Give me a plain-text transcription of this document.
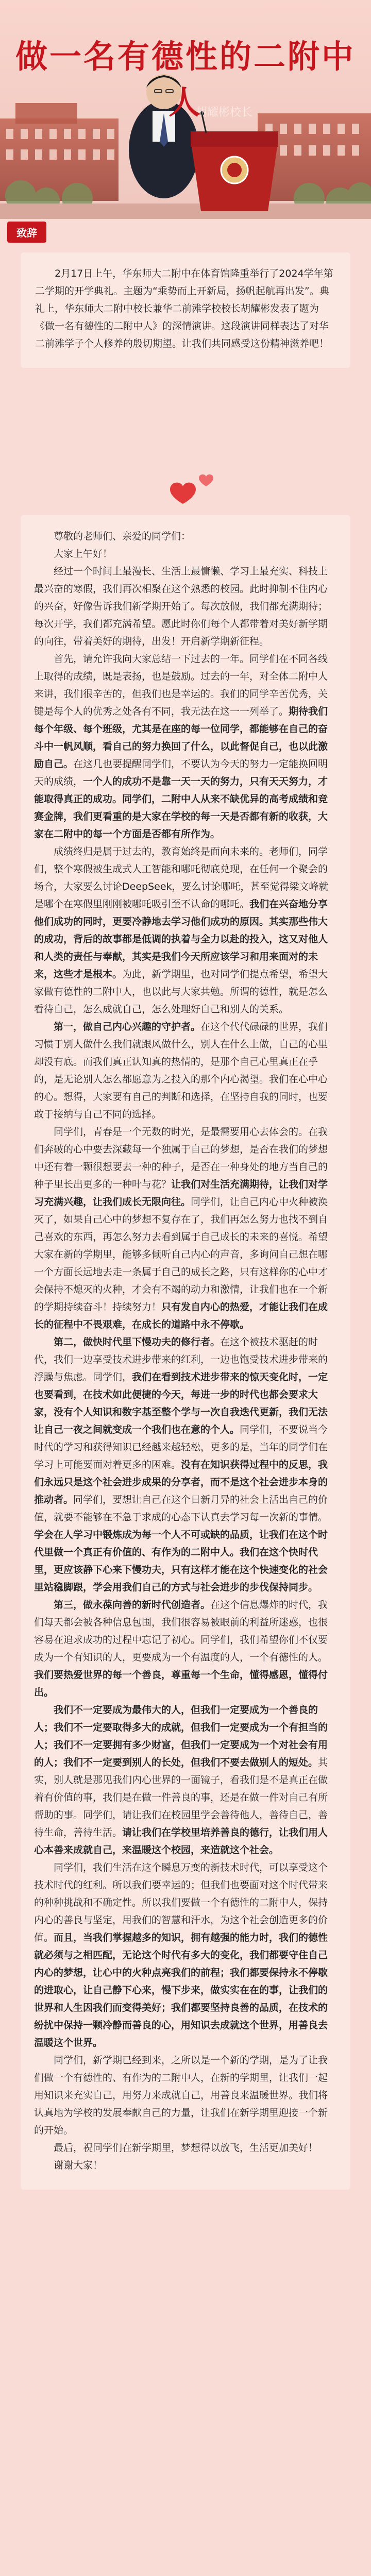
胡耀彬校长
做一名有德性的二附中人
致辞
2月17日上午，华东师大二附中在体育馆隆重举行了2024学年第二学期的开学典礼。主题为“乘势而上开新局，扬帆起航再出发”。典礼上，华东师大二附中校长兼华二前滩学校校长胡耀彬发表了题为《做一名有德性的二附中人》的深情演讲。这段演讲同样表达了对华二前滩学子个人修养的殷切期望。让我们共同感受这份精神滋养吧！

尊敬的老师们、亲爱的同学们：

大家上午好！

经过一个时间上最漫长、生活上最慵懒、学习上最充实、科技上最兴奋的寒假，我们再次相聚在这个熟悉的校园。此时抑制不住内心的兴奋，好像告诉我们新学期开始了。每次放假，我们都充满期待；每次开学，我们都充满希望。愿此时你们每个人都带着对美好新学期的向往，带着美好的期待，出发！开启新学期新征程。

首先，请允许我向大家总结一下过去的一年。同学们在不同各线上取得的成绩，既是表扬，也是鼓励。过去的一年，对全体二附中人来讲，我们很辛苦的，但我们也是幸运的。我们的同学辛苦优秀，关键是每个人的优秀之处各有不同，我无法在这一一列举了。期待我们每个年级、每个班级，尤其是在座的每一位同学，都能够在自己的奋斗中一帆风顺，看自己的努力换回了什么，以此督促自己，也以此激励自己。在这几也要提醒同学们，不要认为今天的努力一定能换回明天的成绩，一个人的成功不是靠一天一天的努力，只有天天努力，才能取得真正的成功。同学们，二附中人从来不缺优异的高考成绩和竞赛金牌，我们更看重的是大家在学校的每一天是否都有新的收获，大家在二附中的每一个方面是否都有所作为。

成绩终归是属于过去的，教育始终是面向未来的。老师们，同学们，整个寒假被生成式人工智能和哪吒彻底兑现，在任何一个聚会的场合，大家要么讨论DeepSeek，要么讨论哪吒，甚至觉得梁文峰就是哪个在寒假里刚刚被哪吒吸引至不认命的哪吒。我们在兴奋地分享他们成功的同时，更要冷静地去学习他们成功的原因。其实那些伟大的成功，背后的故事都是低调的执着与全力以赴的投入，这又对他人和人类的责任与奉献，其实是我们今天所应该学习和用来面对的未来，这些才是根本。为此，新学期里，也对同学们提点希望，希望大家做有德性的二附中人，也以此与大家共勉。所谓的德性，就是怎么看待自己，怎么成就自己，怎么处理好自己和别人的关系。

第一，做自己内心兴趣的守护者。在这个代代碌碌的世界，我们习惯于别人做什么我们就跟风做什么，别人在什么上做，自己的心里却没有底。而我们真正认知真的热情的，是那个自己心里真正在乎的，是无论别人怎么都愿意为之投入的那个内心渴望。我们在心中心的心。想得，大家要有自己的判断和选择，在坚持自我的同时，也要敢于接纳与自己不同的选择。

同学们，青春是一个无数的时光，是最需要用心去体会的。在我们奔破的心中要去深藏每一个独属于自己的梦想，是否在我们的梦想中还有着一颗很想要去一种的种子，是否在一种身处的地方当自己的种子里长出更多的一种叶与花？让我们对生活充满期待，让我们对学习充满兴趣，让我们成长无限向往。同学们，让自己内心中火种被涣灭了，如果自己心中的梦想不复存在了，我们再怎么努力也找不到自己喜欢的东西，再怎么努力去看到属于自己成长的未来的喜悦。希望大家在新的学期里，能够多倾听自己内心的声音，多询问自己想在哪一个方面长远地去走一条属于自己的成长之路，只有这样你的心中才会保持不熄灭的火种，才会有不竭的动力和激情，让我们也在一个新的学期持续奋斗！持续努力！只有发自内心的热爱，才能让我们在成长的征程中不畏艰难，在成长的道路中永不停歇。

第二，做快时代里下慢功夫的修行者。在这个被技术驱赶的时代，我们一边享受技术进步带来的红利，一边也饱受技术进步带来的浮躁与焦虑。同学们，我们在看到技术进步带来的惊天变化时，一定也要看到，在技术如此便捷的今天，每进一步的时代也都会要求大家，没有个人知识和数字基至整个学与一次自我迭代更新，我们无法让自己一夜之间就变成一个我们也在意的个人。同学们，不要说当今时代的学习和获得知识已经越来越轻松，更多的是，当年的同学们在学习上可能要面对着更多的困难。没有在知识获得过程中的反思，我们永远只是这个社会进步成果的分享者，而不是这个社会进步本身的推动者。同学们，要想让自己在这个日新月异的社会上活出自己的价值，就要不能够在不急于求成的心态下认真去学习每一次新的事情。学会在人学习中锻炼成为每一个人不可或缺的品质，让我们在这个时代里做一个真正有价值的、有作为的二附中人。我们在这个快时代里，更应该静下心来下慢功夫，只有这样才能在这个快速变化的社会里站稳脚跟，学会用我们自己的方式与社会进步的步伐保持同步。

第三，做永葆向善的新时代创造者。在这个信息爆炸的时代，我们每天都会被各种信息包围，我们很容易被眼前的利益所迷惑，也很容易在追求成功的过程中忘记了初心。同学们，我们希望你们不仅要成为一个有知识的人，更要成为一个有温度的人，一个有德性的人。我们要热爱世界的每一个善良，尊重每一个生命，懂得感恩，懂得付出。

我们不一定要成为最伟大的人，但我们一定要成为一个善良的人；我们不一定要取得多大的成就，但我们一定要成为一个有担当的人；我们不一定要拥有多少财富，但我们一定要成为一个对社会有用的人；我们不一定要到别人的长处，但我们不要去做别人的短处。其实，别人就是那见我们内心世界的一面镜子，看我们是不是真正在做着有价值的事，我们是在做一件善良的事，还是在做一件对自己有所帮助的事。同学们，请让我们在校园里学会善待他人，善待自己，善待生命，善待生活。请让我们在学校里培养善良的德行，让我们用人心本善来成就自己，来温暖这个校园，来造就这个社会。

同学们，我们生活在这个瞬息万变的新技术时代，可以享受这个技术时代的红利。所以我们要幸运的；但我们也要面对这个时代带来的种种挑战和不确定性。所以我们要做一个有德性的二附中人，保持内心的善良与坚定，用我们的智慧和汗水，为这个社会创造更多的价值。而且，当我们掌握越多的知识，拥有越强的能力时，我们的德性就必须与之相匹配，无论这个时代有多大的变化，我们都要守住自己内心的梦想，让心中的火种点亮我们的前程；我们都要保持永不停歇的进取心，让自己静下心来，慢下步来，做实实在在的事，让我们的世界和人生因我们而变得美好；我们都要坚持良善的品质，在技术的纷扰中保持一颗冷静而善良的心，用知识去成就这个世界，用善良去温暖这个世界。

同学们，新学期已经到来，之所以是一个新的学期，是为了让我们做一个有德性的、有作为的二附中人，在新的学期里，让我们一起用知识来充实自己，用努力来成就自己，用善良来温暖世界。我们将认真地为学校的发展奉献自己的力量，让我们在新学期里迎接一个新的开始。

最后，祝同学们在新学期里，梦想得以放飞，生活更加美好！

谢谢大家！
